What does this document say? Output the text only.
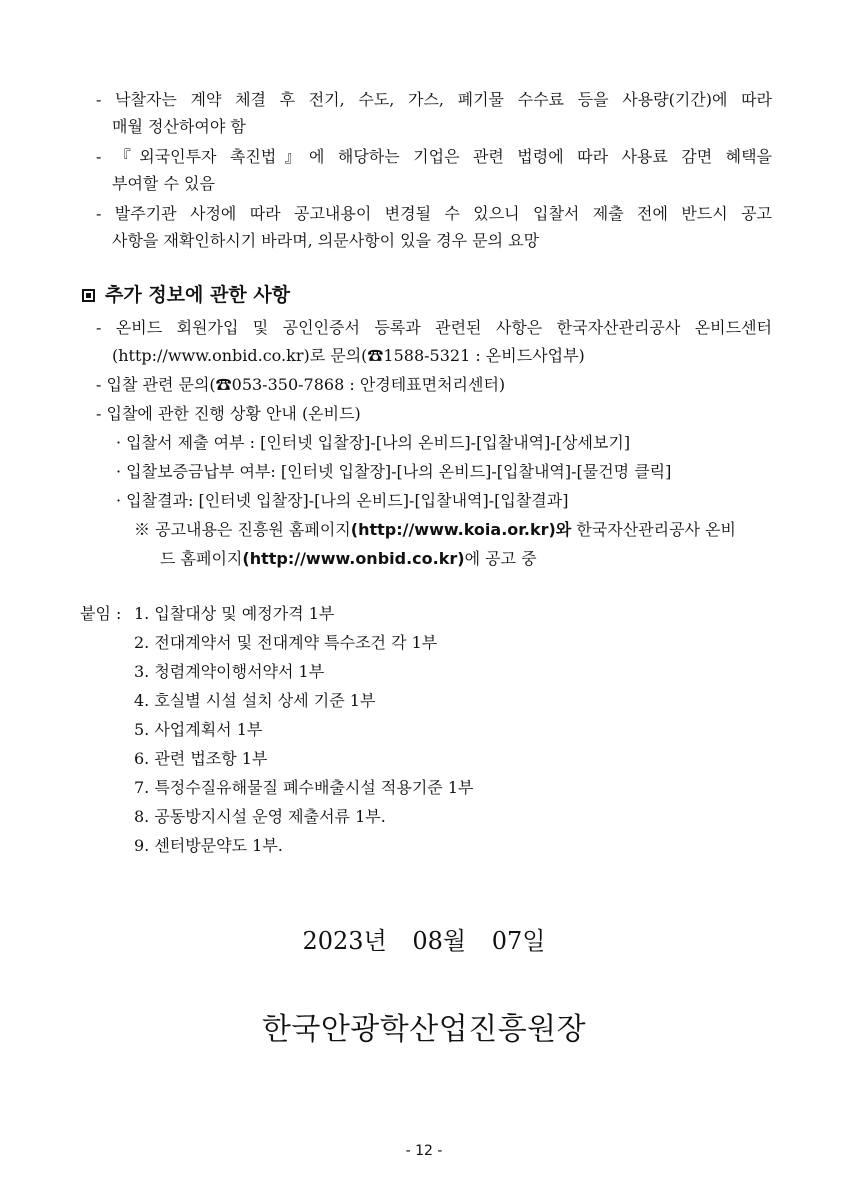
- 낙찰자는 계약 체결 후 전기, 수도, 가스, 폐기물 수수료 등을 사용량(기간)에 따라
매월 정산하여야 함
- 『외국인투자 촉진법』에 해당하는 기업은 관련 법령에 따라 사용료 감면 혜택을
부여할 수 있음
- 발주기관 사정에 따라 공고내용이 변경될 수 있으니 입찰서 제출 전에 반드시 공고
사항을 재확인하시기 바라며, 의문사항이 있을 경우 문의 요망
추가 정보에 관한 사항
- 온비드 회원가입 및 공인인증서 등록과 관련된 사항은 한국자산관리공사 온비드센터
(http://www.onbid.co.kr)로 문의(☎1588-5321 : 온비드사업부)
- 입찰 관련 문의(☎053-350-7868 : 안경테표면처리센터)
- 입찰에 관한 진행 상황 안내 (온비드)
· 입찰서 제출 여부 : [인터넷 입찰장]-[나의 온비드]-[입찰내역]-[상세보기]
· 입찰보증금납부 여부: [인터넷 입찰장]-[나의 온비드]-[입찰내역]-[물건명 클릭]
· 입찰결과: [인터넷 입찰장]-[나의 온비드]-[입찰내역]-[입찰결과]
※ 공고내용은 진흥원 홈페이지(http://www.koia.or.kr)와 한국자산관리공사 온비
드 홈페이지(http://www.onbid.co.kr)에 공고 중
붙임 : 1. 입찰대상 및 예정가격 1부
2. 전대계약서 및 전대계약 특수조건 각 1부
3. 청렴계약이행서약서 1부
4. 호실별 시설 설치 상세 기준 1부
5. 사업계획서 1부
6. 관련 법조항 1부
7. 특정수질유해물질 폐수배출시설 적용기준 1부
8. 공동방지시설 운영 제출서류 1부.
9. 센터방문약도 1부.
2023년 08월 07일
한국안광학산업진흥원장
- 12 -
